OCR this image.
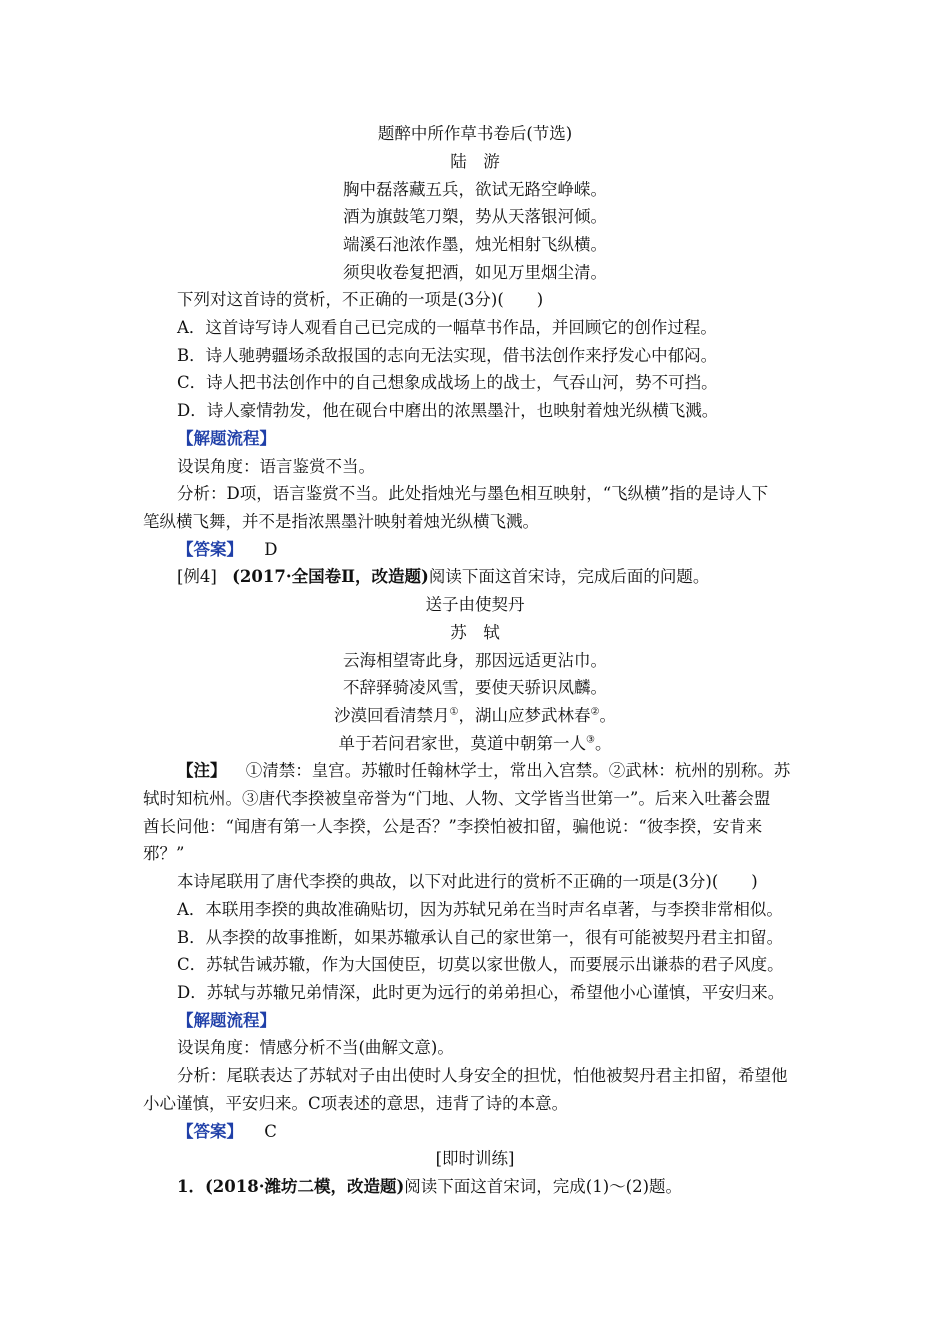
题醉中所作草书卷后(节选)
陆　游
胸中磊落藏五兵，欲试无路空峥嵘。
酒为旗鼓笔刀槊，势从天落银河倾。
端溪石池浓作墨，烛光相射飞纵横。
须臾收卷复把酒，如见万里烟尘清。
下列对这首诗的赏析，不正确的一项是(3分)(　　)
A．这首诗写诗人观看自己已完成的一幅草书作品，并回顾它的创作过程。
B．诗人驰骋疆场杀敌报国的志向无法实现，借书法创作来抒发心中郁闷。
C．诗人把书法创作中的自己想象成战场上的战士，气吞山河，势不可挡。
D．诗人豪情勃发，他在砚台中磨出的浓黑墨汁，也映射着烛光纵横飞溅。
【解题流程】
设误角度：语言鉴赏不当。
分析：D项，语言鉴赏不当。此处指烛光与墨色相互映射，“飞纵横”指的是诗人下
笔纵横飞舞，并不是指浓黑墨汁映射着烛光纵横飞溅。
【答案】 D
[例4] (2017·全国卷Ⅱ，改造题)阅读下面这首宋诗，完成后面的问题。
送子由使契丹
苏　轼
云海相望寄此身，那因远适更沾巾。
不辞驿骑凌风雪，要使天骄识凤麟。
沙漠回看清禁月①，湖山应梦武林春②。
单于若问君家世，莫道中朝第一人③。
【注】 ①清禁：皇宫。苏辙时任翰林学士，常出入宫禁。②武林：杭州的别称。苏
轼时知杭州。③唐代李揆被皇帝誉为“门地、人物、文学皆当世第一”。后来入吐蕃会盟
酋长问他：“闻唐有第一人李揆，公是否？”李揆怕被扣留，骗他说：“彼李揆，安肯来
邪？”
本诗尾联用了唐代李揆的典故，以下对此进行的赏析不正确的一项是(3分)(　　)
A．本联用李揆的典故准确贴切，因为苏轼兄弟在当时声名卓著，与李揆非常相似。
B．从李揆的故事推断，如果苏辙承认自己的家世第一，很有可能被契丹君主扣留。
C．苏轼告诫苏辙，作为大国使臣，切莫以家世傲人，而要展示出谦恭的君子风度。
D．苏轼与苏辙兄弟情深，此时更为远行的弟弟担心，希望他小心谨慎，平安归来。
【解题流程】
设误角度：情感分析不当(曲解文意)。
分析：尾联表达了苏轼对子由出使时人身安全的担忧，怕他被契丹君主扣留，希望他
小心谨慎，平安归来。C项表述的意思，违背了诗的本意。
【答案】 C
[即时训练]
1．(2018·潍坊二模，改造题)阅读下面这首宋词，完成(1)～(2)题。
